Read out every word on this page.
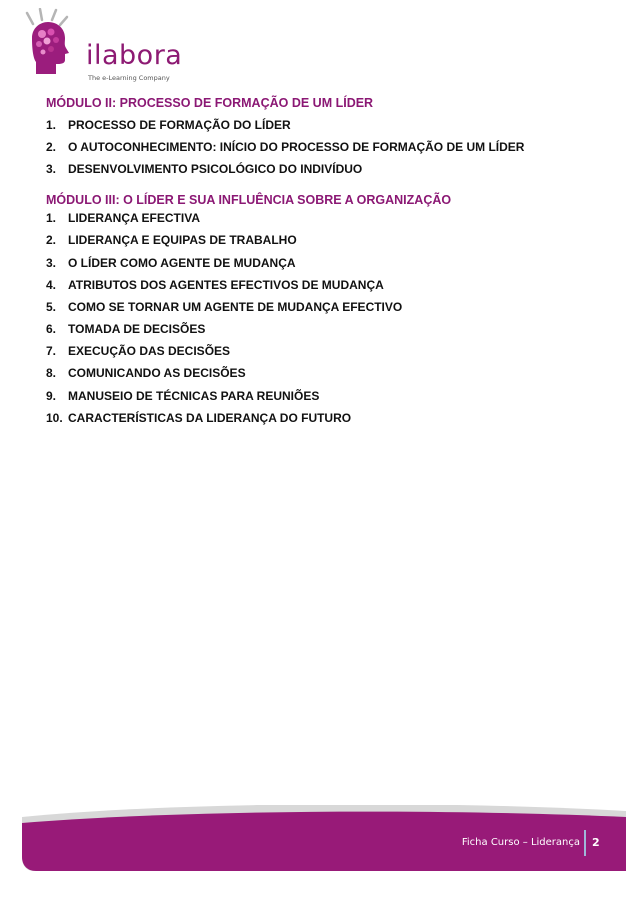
ilabora
The e-Learning Company
MÓDULO II: PROCESSO DE FORMAÇÃO DE UM LÍDER
1. PROCESSO DE FORMAÇÃO DO LÍDER
2. O AUTOCONHECIMENTO: INÍCIO DO PROCESSO DE FORMAÇÃO DE UM LÍDER
3. DESENVOLVIMENTO PSICOLÓGICO DO INDIVÍDUO
MÓDULO III: O LÍDER E SUA INFLUÊNCIA SOBRE A ORGANIZAÇÃO
1. LIDERANÇA EFECTIVA
2. LIDERANÇA E EQUIPAS DE TRABALHO
3. O LÍDER COMO AGENTE DE MUDANÇA
4. ATRIBUTOS DOS AGENTES EFECTIVOS DE MUDANÇA
5. COMO SE TORNAR UM AGENTE DE MUDANÇA EFECTIVO
6. TOMADA DE DECISÕES
7. EXECUÇÃO DAS DECISÕES
8. COMUNICANDO AS DECISÕES
9. MANUSEIO DE TÉCNICAS PARA REUNIÕES
10. CARACTERÍSTICAS DA LIDERANÇA DO FUTURO
Ficha Curso – Liderança 2
